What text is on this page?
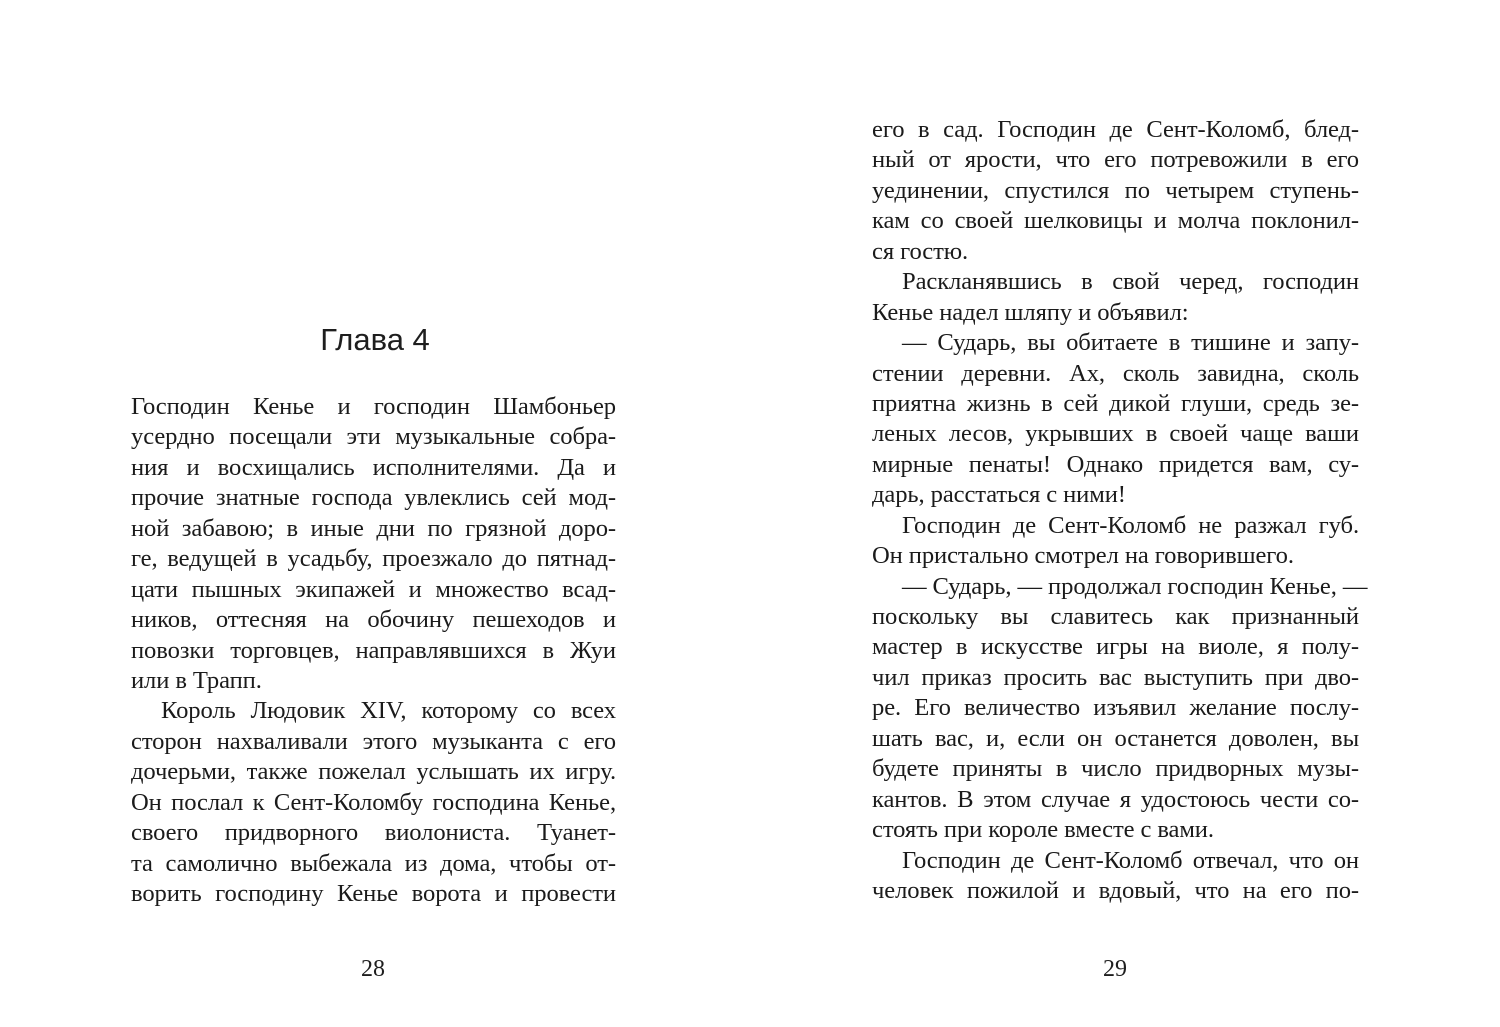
Глава 4
Господин Кенье и господин Шамбоньер
усердно посещали эти музыкальные собра-
ния и восхищались исполнителями. Да и
прочие знатные господа увлеклись сей мод-
ной забавою; в иные дни по грязной доро-
ге, ведущей в усадьбу, проезжало до пятнад-
цати пышных экипажей и множество всад-
ников, оттесняя на обочину пешеходов и
повозки торговцев, направлявшихся в Жуи
или в Трапп.
Король Людовик XIV, которому со всех
сторон нахваливали этого музыканта с его
дочерьми, также пожелал услышать их игру.
Он послал к Сент-Коломбу господина Кенье,
своего придворного виолониста. Туанет-
та самолично выбежала из дома, чтобы от-
ворить господину Кенье ворота и провести
28
его в сад. Господин де Сент-Коломб, блед-
ный от ярости, что его потревожили в его
уединении, спустился по четырем ступень-
кам со своей шелковицы и молча поклонил-
ся гостю.
Раскланявшись в свой черед, господин
Кенье надел шляпу и объявил:
— Сударь, вы обитаете в тишине и запу-
стении деревни. Ах, сколь завидна, сколь
приятна жизнь в сей дикой глуши, средь зе-
леных лесов, укрывших в своей чаще ваши
мирные пенаты! Однако придется вам, су-
дарь, расстаться с ними!
Господин де Сент-Коломб не разжал губ.
Он пристально смотрел на говорившего.
— Сударь, — продолжал господин Кенье, —
поскольку вы славитесь как признанный
мастер в искусстве игры на виоле, я полу-
чил приказ просить вас выступить при дво-
ре. Его величество изъявил желание послу-
шать вас, и, если он останется доволен, вы
будете приняты в число придворных музы-
кантов. В этом случае я удостоюсь чести со-
стоять при короле вместе с вами.
Господин де Сент-Коломб отвечал, что он
человек пожилой и вдовый, что на его по-
29
